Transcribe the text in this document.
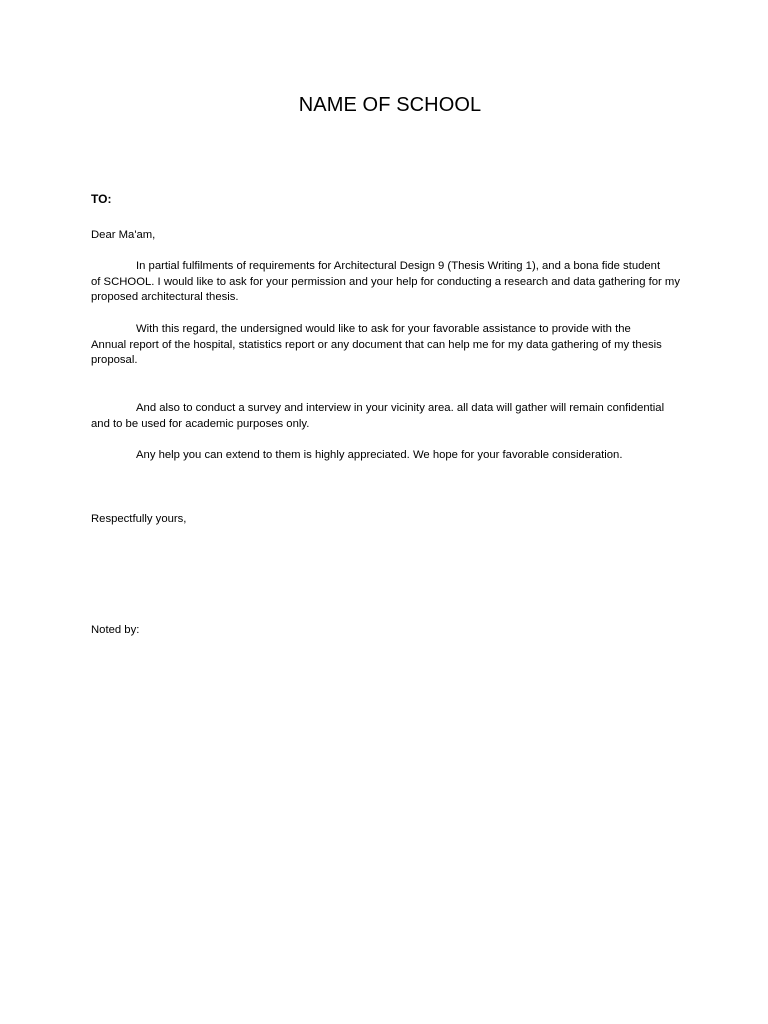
NAME OF SCHOOL
TO:
Dear Ma'am,
In partial fulfilments of requirements for Architectural Design 9 (Thesis Writing 1), and a bona fide student
of SCHOOL. I would like to ask for your permission and your help for conducting a research and data gathering for my
proposed architectural thesis.
With this regard, the undersigned would like to ask for your favorable assistance to provide with the
Annual report of the hospital, statistics report or any document that can help me for my data gathering of my thesis
proposal.
And also to conduct a survey and interview in your vicinity area. all data will gather will remain confidential
and to be used for academic purposes only.
Any help you can extend to them is highly appreciated. We hope for your favorable consideration.
Respectfully yours,
Noted by:
